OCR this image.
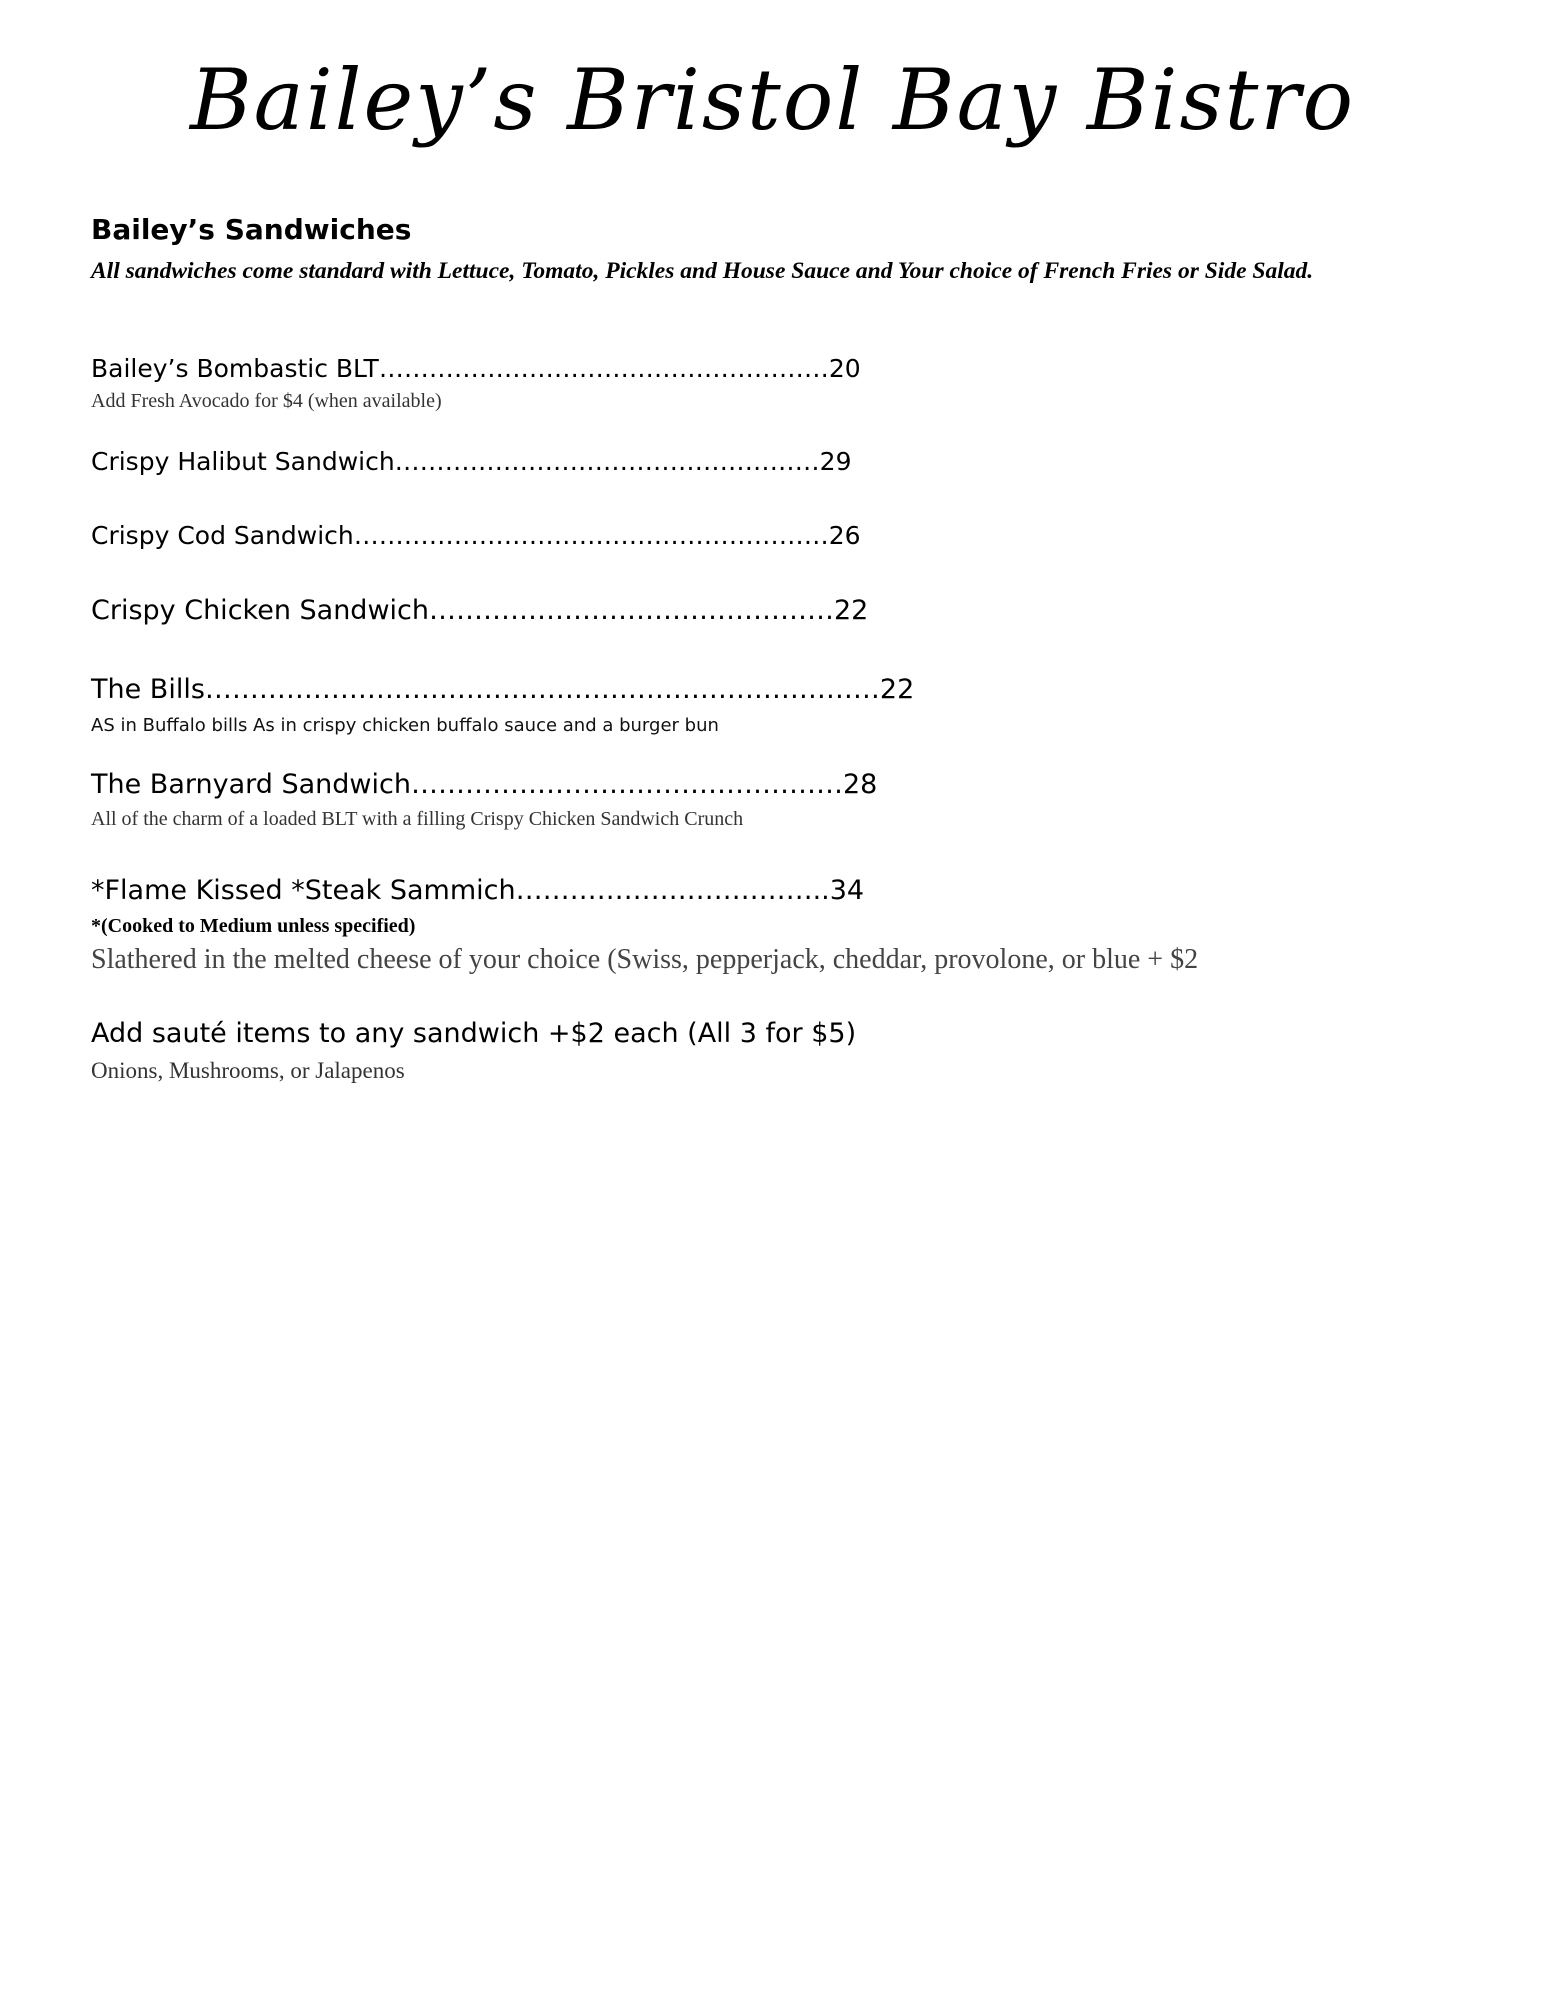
Bailey’s Bristol Bay Bistro
Bailey’s Sandwiches
All sandwiches come standard with Lettuce, Tomato, Pickles and House Sauce and Your choice of French Fries or Side Salad.
Bailey’s Bombastic BLT………………………………………………20
Add Fresh Avocado for $4 (when available)
Crispy Halibut Sandwich……………………………………………29
Crispy Cod Sandwich…………………………………………………26
Crispy Chicken Sandwich………………………………………22
The Bills…………………………………………………………………22
AS in Buffalo bills As in crispy chicken buffalo sauce and a burger bun
The Barnyard Sandwich…………………………………………28
All of the charm of a loaded BLT with a filling Crispy Chicken Sandwich Crunch
*Flame Kissed *Steak Sammich……………………………..34
*(Cooked to Medium unless specified)
Slathered in the melted cheese of your choice (Swiss, pepperjack, cheddar, provolone, or blue + $2
Add sauté items to any sandwich +$2 each (All 3 for $5)
Onions, Mushrooms, or Jalapenos
